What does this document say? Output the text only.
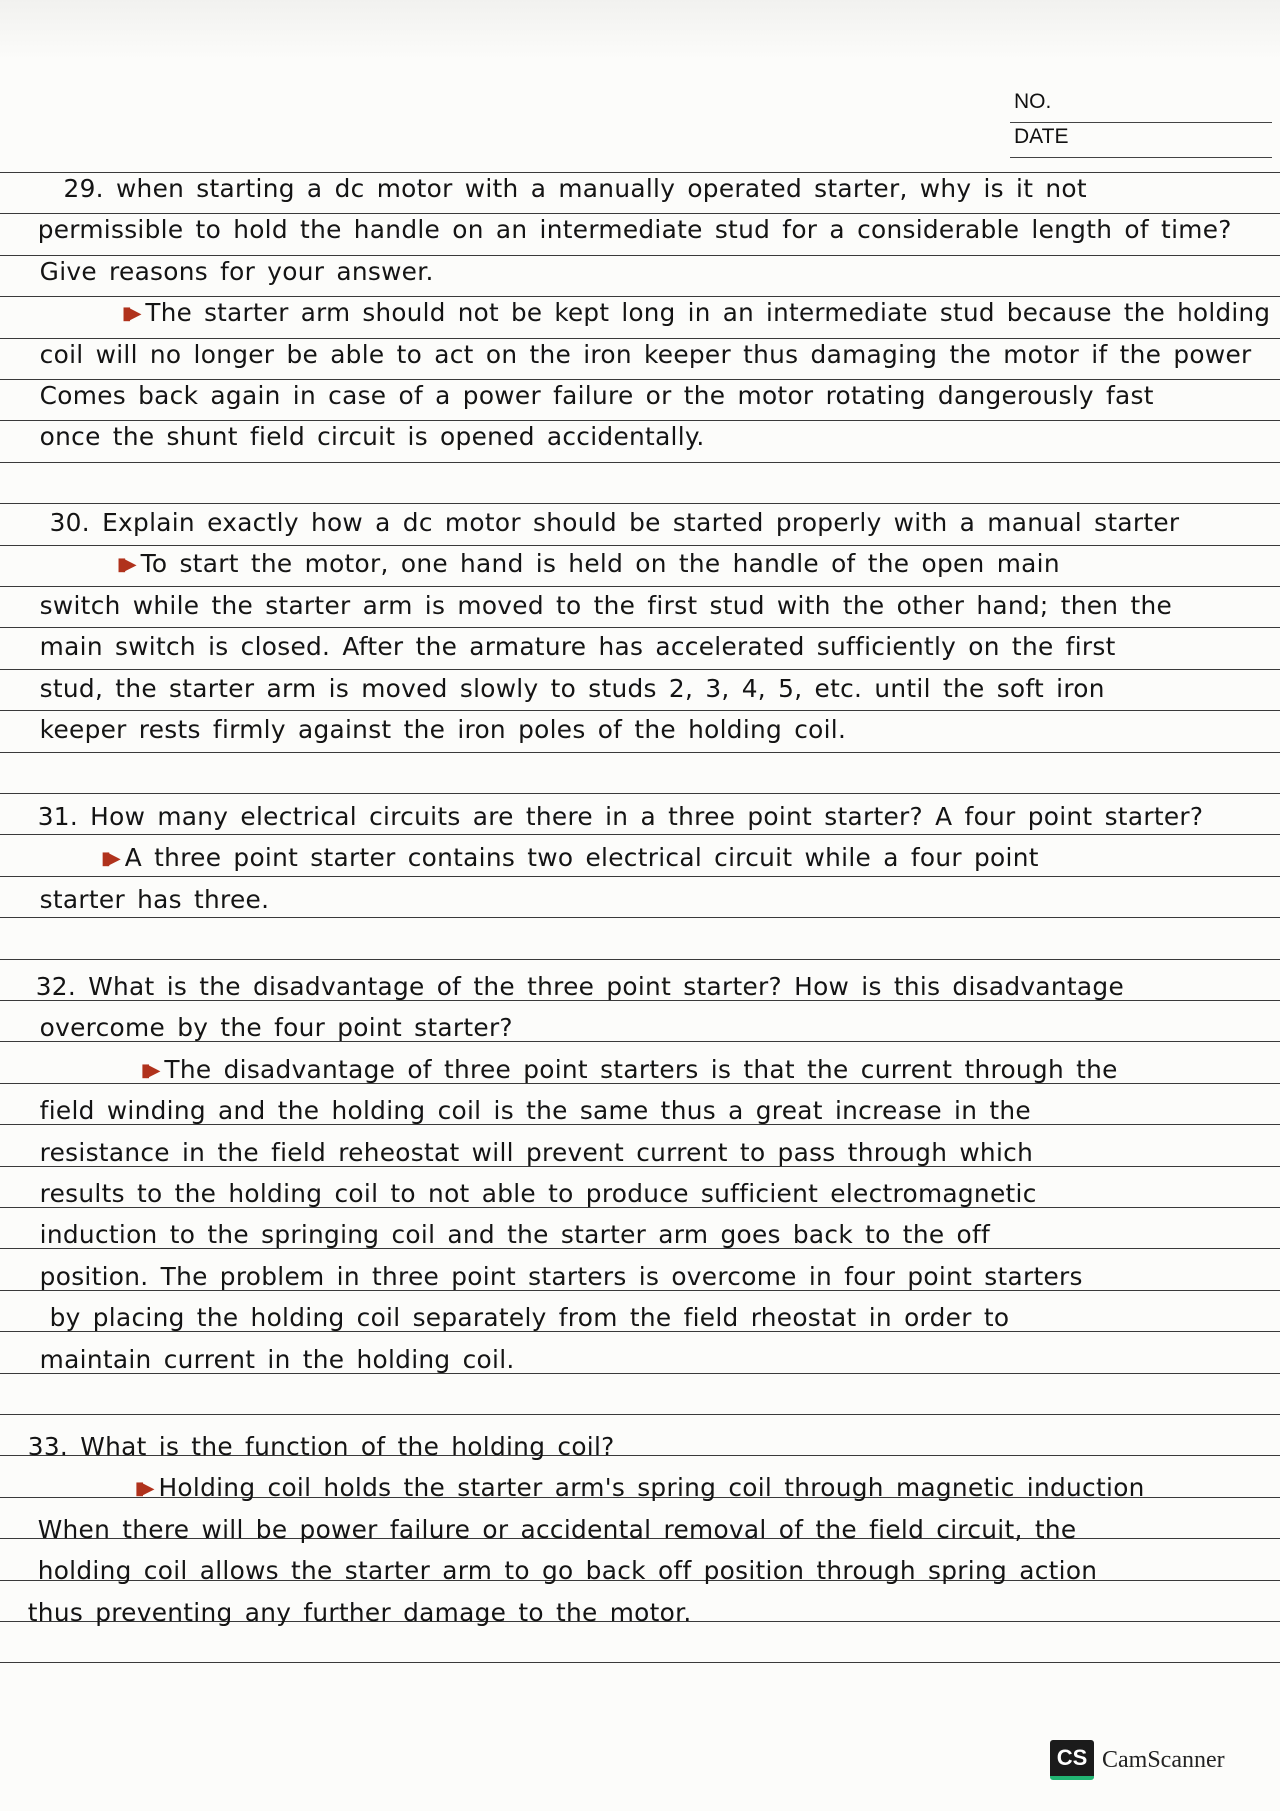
NO.
DATE
29. when starting a dc motor with a manually operated starter, why is it not
permissible to hold the handle on an intermediate stud for a considerable length of time?
Give reasons for your answer.
▮▶ The starter arm should not be kept long in an intermediate stud because the holding
coil will no longer be able to act on the iron keeper thus damaging the motor if the power
Comes back again in case of a power failure or the motor rotating dangerously fast
once the shunt field circuit is opened accidentally.
30. Explain exactly how a dc motor should be started properly with a manual starter
▮▶ To start the motor, one hand is held on the handle of the open main
switch while the starter arm is moved to the first stud with the other hand; then the
main switch is closed. After the armature has accelerated sufficiently on the first
stud, the starter arm is moved slowly to studs 2, 3, 4, 5, etc. until the soft iron
keeper rests firmly against the iron poles of the holding coil.
31. How many electrical circuits are there in a three point starter? A four point starter?
▮▶ A three point starter contains two electrical circuit while a four point
starter has three.
32. What is the disadvantage of the three point starter? How is this disadvantage
overcome by the four point starter?
▮▶ The disadvantage of three point starters is that the current through the
field winding and the holding coil is the same thus a great increase in the
resistance in the field reheostat will prevent current to pass through which
results to the holding coil to not able to produce sufficient electromagnetic
induction to the springing coil and the starter arm goes back to the off
position. The problem in three point starters is overcome in four point starters
by placing the holding coil separately from the field rheostat in order to
maintain current in the holding coil.
33. What is the function of the holding coil?
▮▶ Holding coil holds the starter arm's spring coil through magnetic induction
When there will be power failure or accidental removal of the field circuit, the
holding coil allows the starter arm to go back off position through spring action
thus preventing any further damage to the motor.
CS CamScanner
